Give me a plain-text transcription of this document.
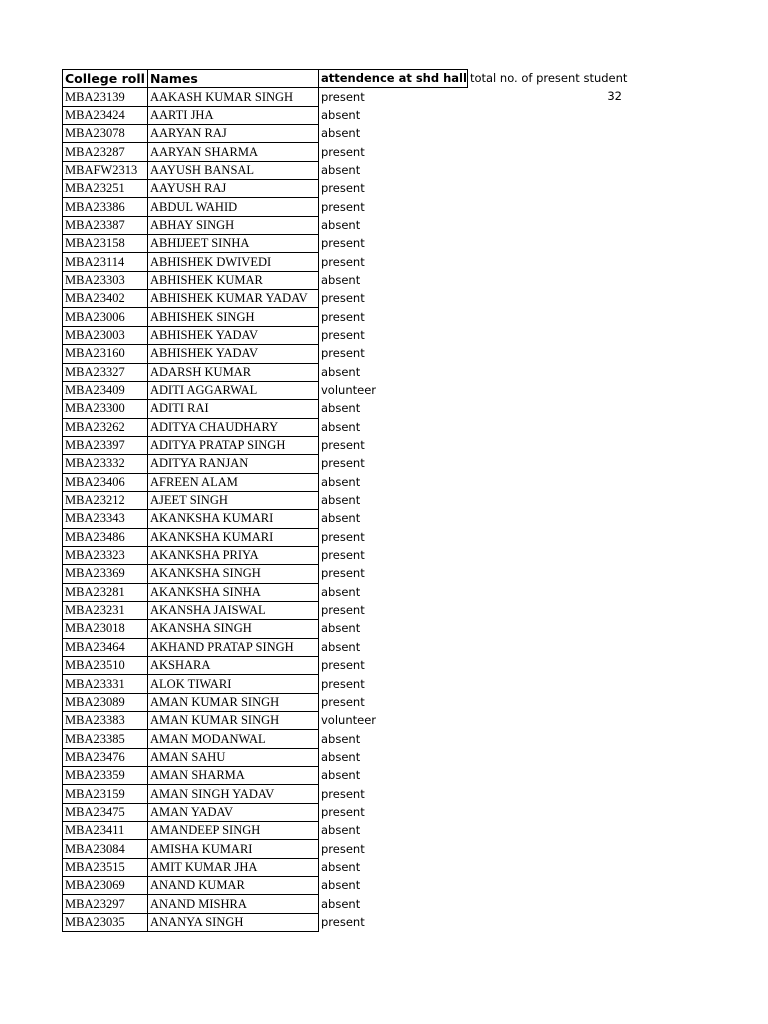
College roll	Names	attendence at shd hall	total no. of present student
MBA23139	AAKASH KUMAR SINGH	present	32

MBA23424	AARTI JHA	absent	
MBA23078	AARYAN RAJ	absent	
MBA23287	AARYAN SHARMA	present	
MBAFW2313	AAYUSH BANSAL	absent	
MBA23251	AAYUSH RAJ	present	
MBA23386	ABDUL WAHID	present	
MBA23387	ABHAY SINGH	absent	
MBA23158	ABHIJEET SINHA	present	
MBA23114	ABHISHEK DWIVEDI	present	
MBA23303	ABHISHEK KUMAR	absent	
MBA23402	ABHISHEK KUMAR YADAV	present	
MBA23006	ABHISHEK SINGH	present	
MBA23003	ABHISHEK YADAV	present	
MBA23160	ABHISHEK YADAV	present	
MBA23327	ADARSH KUMAR	absent	
MBA23409	ADITI AGGARWAL	volunteer	
MBA23300	ADITI RAI	absent	
MBA23262	ADITYA CHAUDHARY	absent	
MBA23397	ADITYA PRATAP SINGH	present	
MBA23332	ADITYA RANJAN	present	
MBA23406	AFREEN ALAM	absent	
MBA23212	AJEET SINGH	absent	
MBA23343	AKANKSHA KUMARI	absent	
MBA23486	AKANKSHA KUMARI	present	
MBA23323	AKANKSHA PRIYA	present	
MBA23369	AKANKSHA SINGH	present	
MBA23281	AKANKSHA SINHA	absent	
MBA23231	AKANSHA JAISWAL	present	
MBA23018	AKANSHA SINGH	absent	
MBA23464	AKHAND PRATAP SINGH	absent	
MBA23510	AKSHARA	present	
MBA23331	ALOK TIWARI	present	
MBA23089	AMAN KUMAR SINGH	present	
MBA23383	AMAN KUMAR SINGH	volunteer	
MBA23385	AMAN MODANWAL	absent	
MBA23476	AMAN SAHU	absent	
MBA23359	AMAN SHARMA	absent	
MBA23159	AMAN SINGH YADAV	present	
MBA23475	AMAN YADAV	present	
MBA23411	AMANDEEP SINGH	absent	
MBA23084	AMISHA KUMARI	present	
MBA23515	AMIT KUMAR JHA	absent	
MBA23069	ANAND KUMAR	absent	
MBA23297	ANAND MISHRA	absent	
MBA23035	ANANYA SINGH	present	
